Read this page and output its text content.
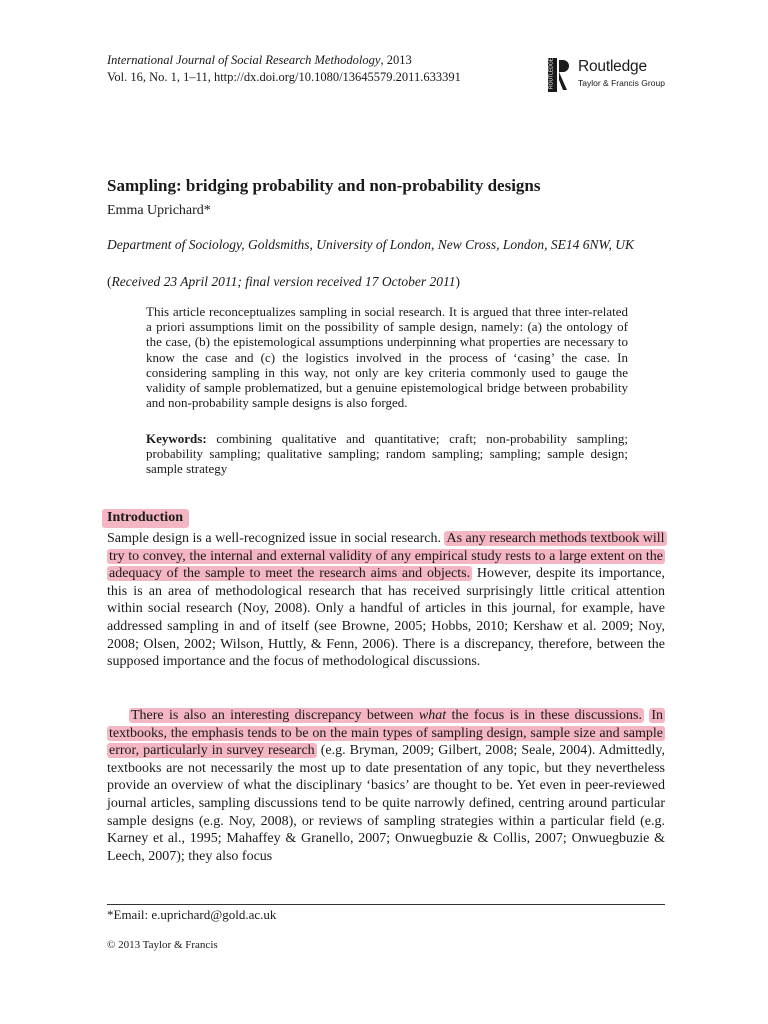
International Journal of Social Research Methodology, 2013
Vol. 16, No. 1, 1–11, http://dx.doi.org/10.1080/13645579.2011.633391	ROUTLEDGE Routledge
Taylor & Francis Group
Sampling: bridging probability and non-probability designs
Emma Uprichard*
Department of Sociology, Goldsmiths, University of London, New Cross, London, SE14 6NW, UK
(Received 23 April 2011; final version received 17 October 2011)

This article reconceptualizes sampling in social research. It is argued that three inter-related a priori assumptions limit on the possibility of sample design, namely: (a) the ontology of the case, (b) the epistemological assumptions underpinning what properties are necessary to know the case and (c) the logistics involved in the process of ‘casing’ the case. In considering sampling in this way, not only are key criteria commonly used to gauge the validity of sample problematized, but a genuine epistemological bridge between probability and non-probability sample designs is also forged.

Keywords: combining qualitative and quantitative; craft; non-probability sampling; probability sampling; qualitative sampling; random sampling; sampling; sample design; sample strategy

Introduction

Sample design is a well-recognized issue in social research. As any research methods textbook will try to convey, the internal and external validity of any empirical study rests to a large extent on the adequacy of the sample to meet the research aims and objects. However, despite its importance, this is an area of methodological research that has received surprisingly little critical attention within social research (Noy, 2008). Only a handful of articles in this journal, for example, have addressed sampling in and of itself (see Browne, 2005; Hobbs, 2010; Kershaw et al. 2009; Noy, 2008; Olsen, 2002; Wilson, Huttly, & Fenn, 2006). There is a discrepancy, therefore, between the supposed importance and the focus of methodological discussions.

There is also an interesting discrepancy between what the focus is in these discussions. In textbooks, the emphasis tends to be on the main types of sampling design, sample size and sample error, particularly in survey research (e.g. Bryman, 2009; Gilbert, 2008; Seale, 2004). Admittedly, textbooks are not necessarily the most up to date presentation of any topic, but they nevertheless provide an overview of what the disciplinary ‘basics’ are thought to be. Yet even in peer-reviewed journal articles, sampling discussions tend to be quite narrowly defined, centring around particular sample designs (e.g. Noy, 2008), or reviews of sampling strategies within a particular field (e.g. Karney et al., 1995; Mahaffey & Granello, 2007; Onwuegbuzie & Collis, 2007; Onwuegbuzie & Leech, 2007); they also focus

*Email: e.uprichard@gold.ac.uk
© 2013 Taylor & Francis
